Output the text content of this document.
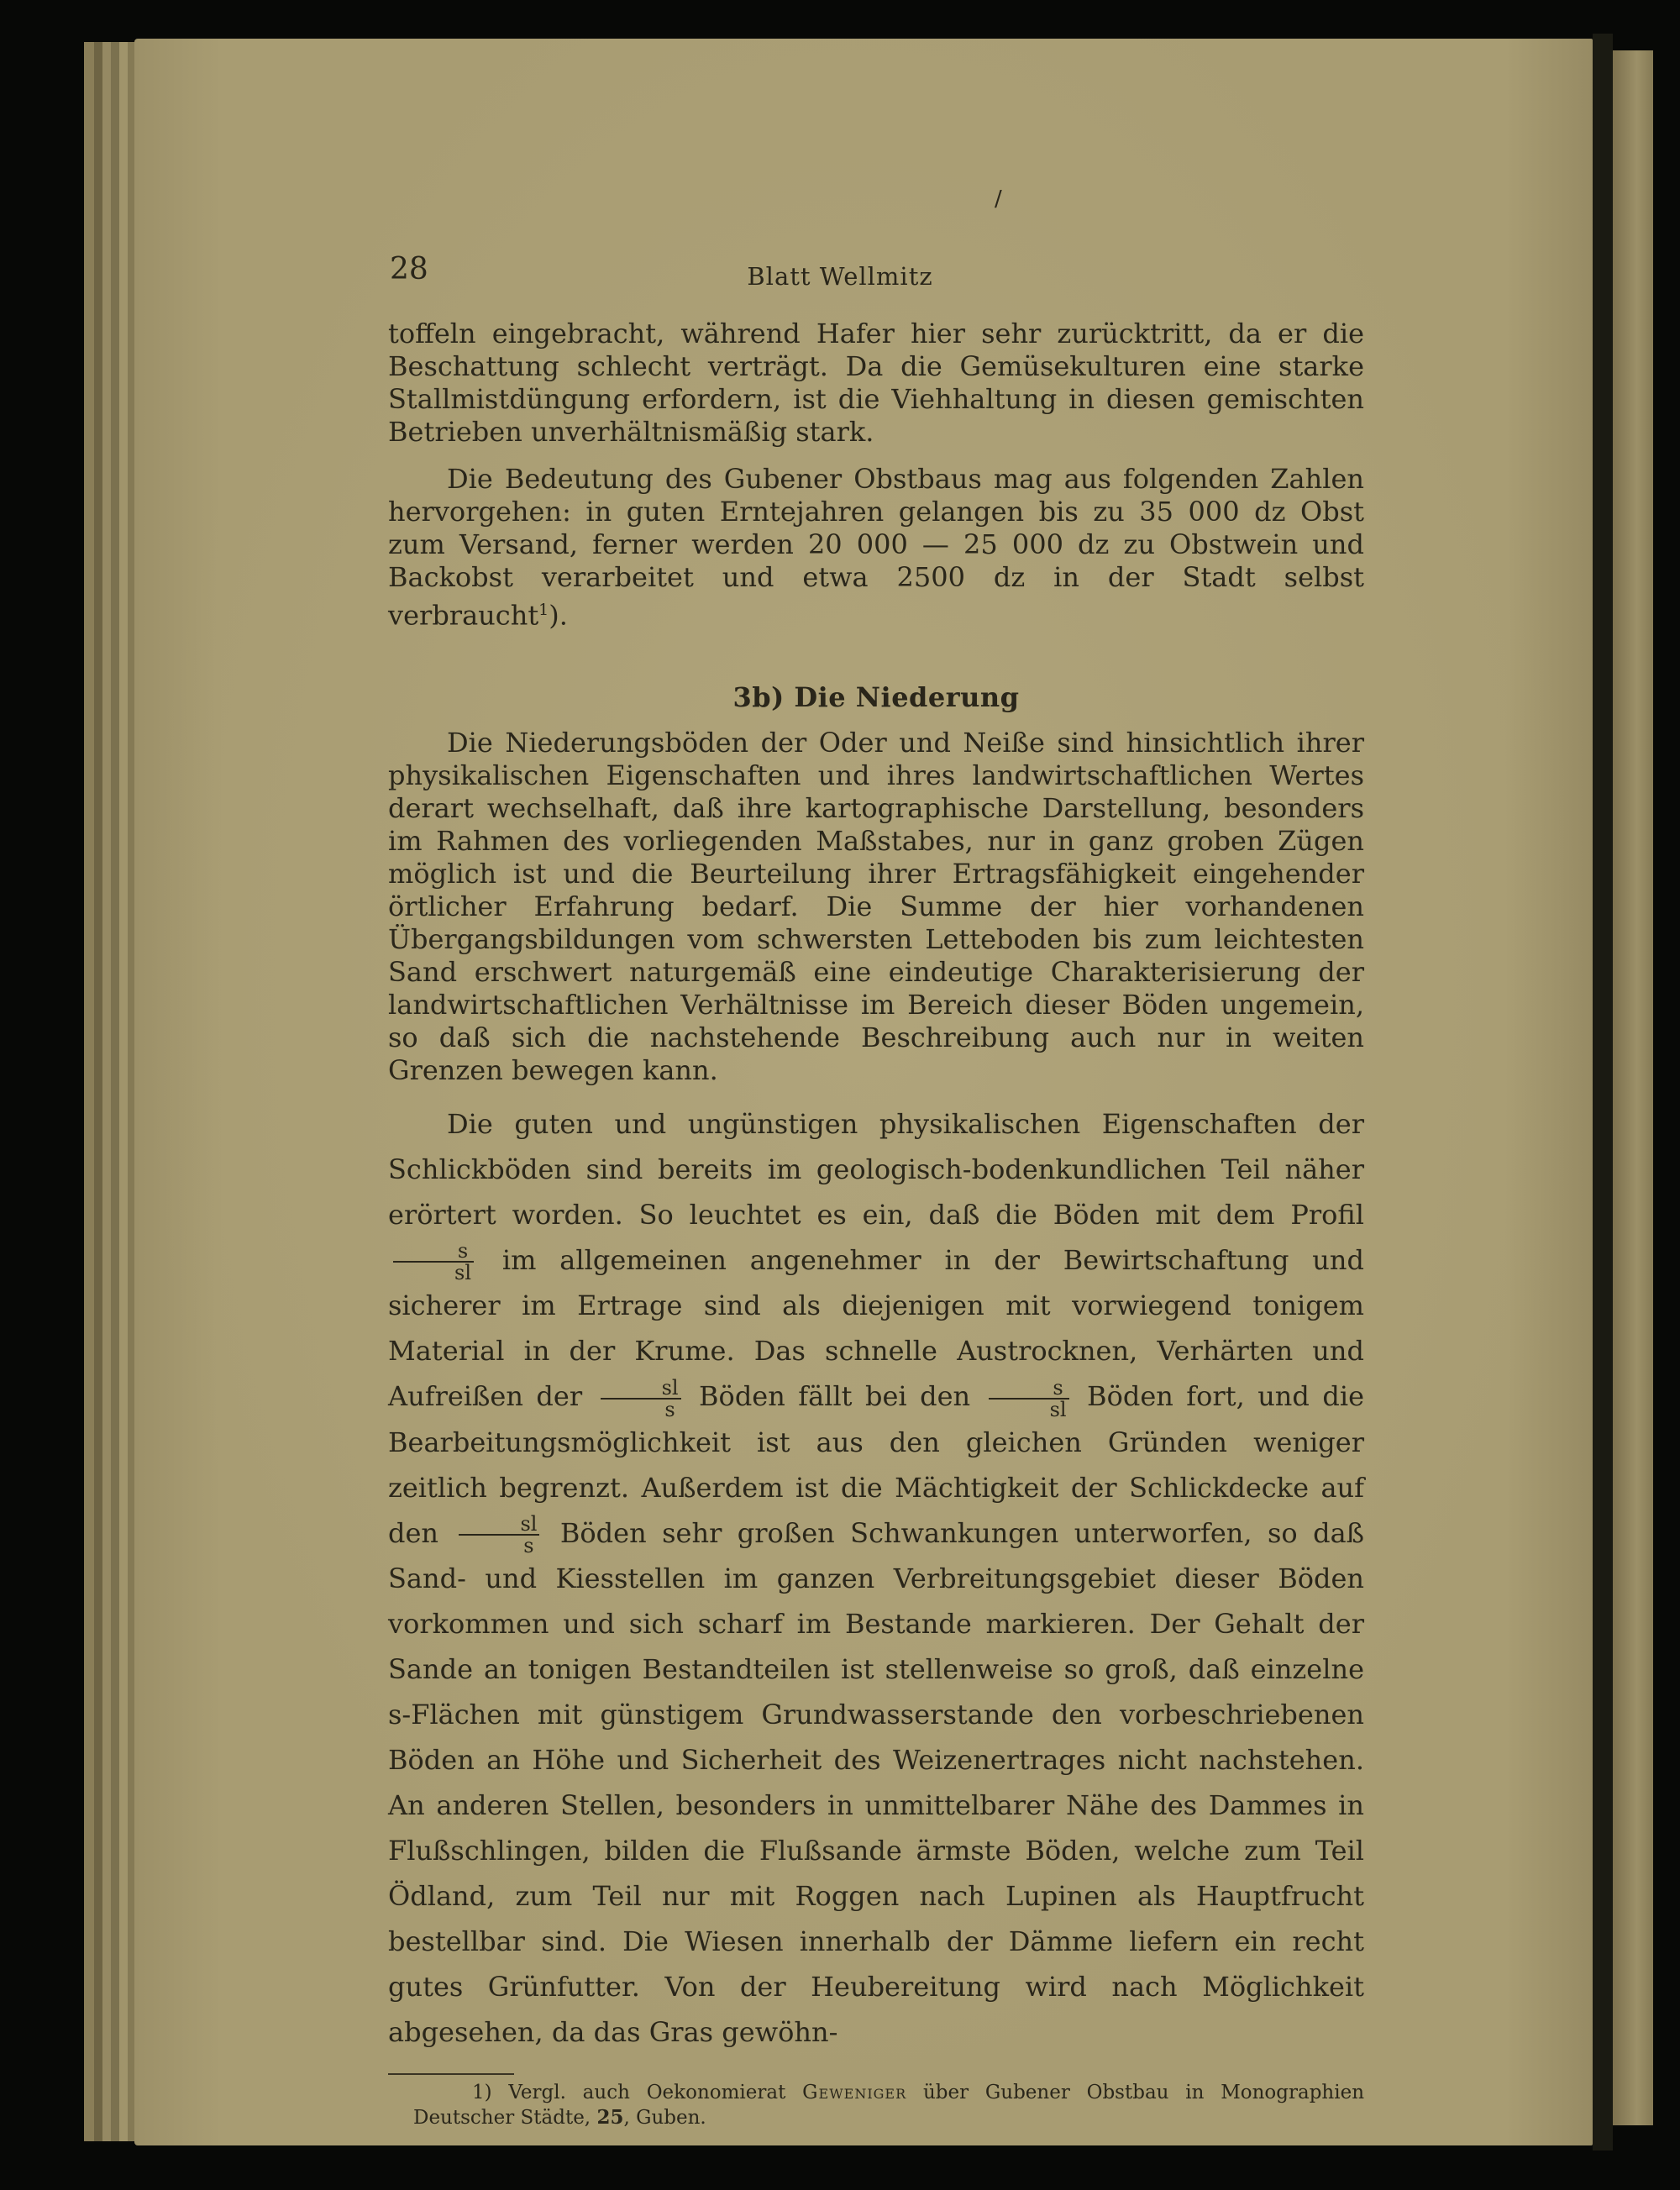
/

28	Blatt Wellmitz

toffeln eingebracht, während Hafer hier sehr zurücktritt, da er die Beschattung schlecht verträgt. Da die Gemüsekulturen eine starke Stallmistdüngung erfordern, ist die Viehhaltung in diesen gemischten Betrieben unverhältnismäßig stark.

Die Bedeutung des Gubener Obstbaus mag aus folgenden Zahlen hervorgehen: in guten Erntejahren gelangen bis zu 35 000 dz Obst zum Versand, ferner werden 20 000 — 25 000 dz zu Obstwein und Backobst verarbeitet und etwa 2500 dz in der Stadt selbst verbraucht$^1$).

3b) Die Niederung

Die Niederungsböden der Oder und Neiße sind hinsichtlich ihrer physikalischen Eigenschaften und ihres landwirtschaftlichen Wertes derart wechselhaft, daß ihre kartographische Darstellung, besonders im Rahmen des vorliegenden Maßstabes, nur in ganz groben Zügen möglich ist und die Beurteilung ihrer Ertragsfähigkeit eingehender örtlicher Erfahrung bedarf. Die Summe der hier vorhandenen Übergangsbildungen vom schwersten Letteboden bis zum leichtesten Sand erschwert naturgemäß eine eindeutige Charakterisierung der landwirtschaftlichen Verhältnisse im Bereich dieser Böden ungemein, so daß sich die nachstehende Beschreibung auch nur in weiten Grenzen bewegen kann.

Die guten und ungünstigen physikalischen Eigenschaften der Schlickböden sind bereits im geologisch-bodenkundlichen Teil näher erörtert worden. So leuchtet es ein, daß die Böden mit dem Profil
$\frac{s}{sl}$ im allgemeinen angenehmer in der Bewirtschaftung und sicherer im Ertrage sind als diejenigen mit vorwiegend tonigem Material in der Krume. Das schnelle Austrocknen, Verhärten und Aufreißen der $\frac{sl}{s}$ Böden fällt bei den $\frac{s}{sl}$ Böden fort, und die Bearbeitungsmöglichkeit ist aus den gleichen Gründen weniger zeitlich begrenzt. Außerdem ist die Mächtigkeit der Schlickdecke auf den $\frac{sl}{s}$ Böden sehr großen Schwankungen unterworfen, so daß Sand- und Kiesstellen im ganzen Verbreitungsgebiet dieser Böden vorkommen und sich scharf im Bestande markieren. Der Gehalt der Sande an tonigen Bestandteilen ist stellenweise so groß, daß einzelne s-Flächen mit günstigem Grundwasserstande den vorbeschriebenen Böden an Höhe und Sicherheit des Weizenertrages nicht nachstehen. An anderen Stellen, besonders in unmittelbarer Nähe des Dammes in Flußschlingen, bilden die Flußsande ärmste Böden, welche zum Teil Ödland, zum Teil nur mit Roggen nach Lupinen als Hauptfrucht bestellbar sind. Die Wiesen innerhalb der Dämme liefern ein recht gutes Grünfutter. Von der Heubereitung wird nach Möglichkeit abgesehen, da das Gras gewöhn-

1) Vergl. auch Oekonomierat Geweniger über Gubener Obstbau in Monographien Deutscher Städte, 25, Guben.
